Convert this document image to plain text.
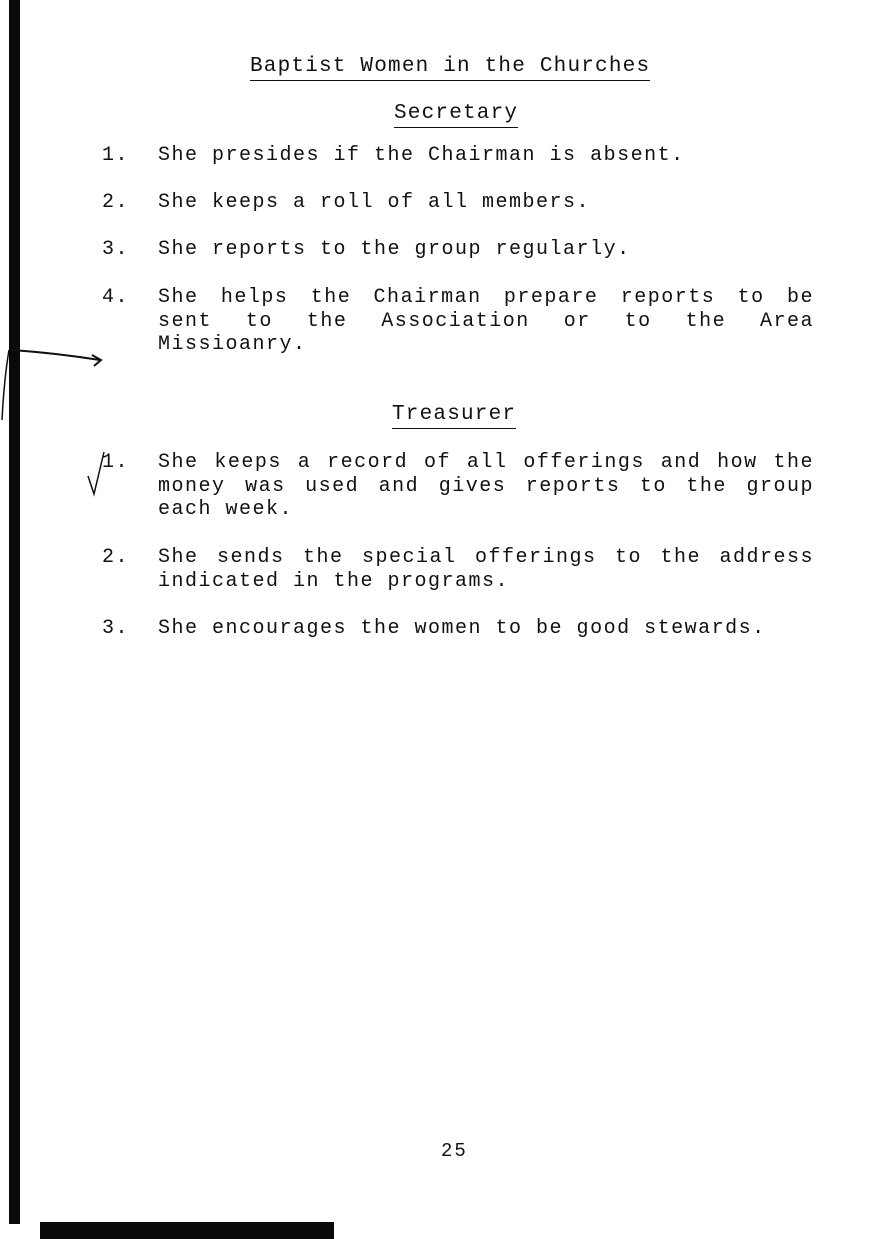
Baptist Women in the Churches
Secretary
1. She presides if the Chairman is absent.
2. She keeps a roll of all members.
3. She reports to the group regularly.
4. She helps the Chairman prepare reports to be sent to the Association or to the Area Missioanry.
Treasurer
1. She keeps a record of all offerings and how the money was used and gives reports to the group each week.
2. She sends the special offerings to the address indicated in the programs.
3. She encourages the women to be good stewards.
25
